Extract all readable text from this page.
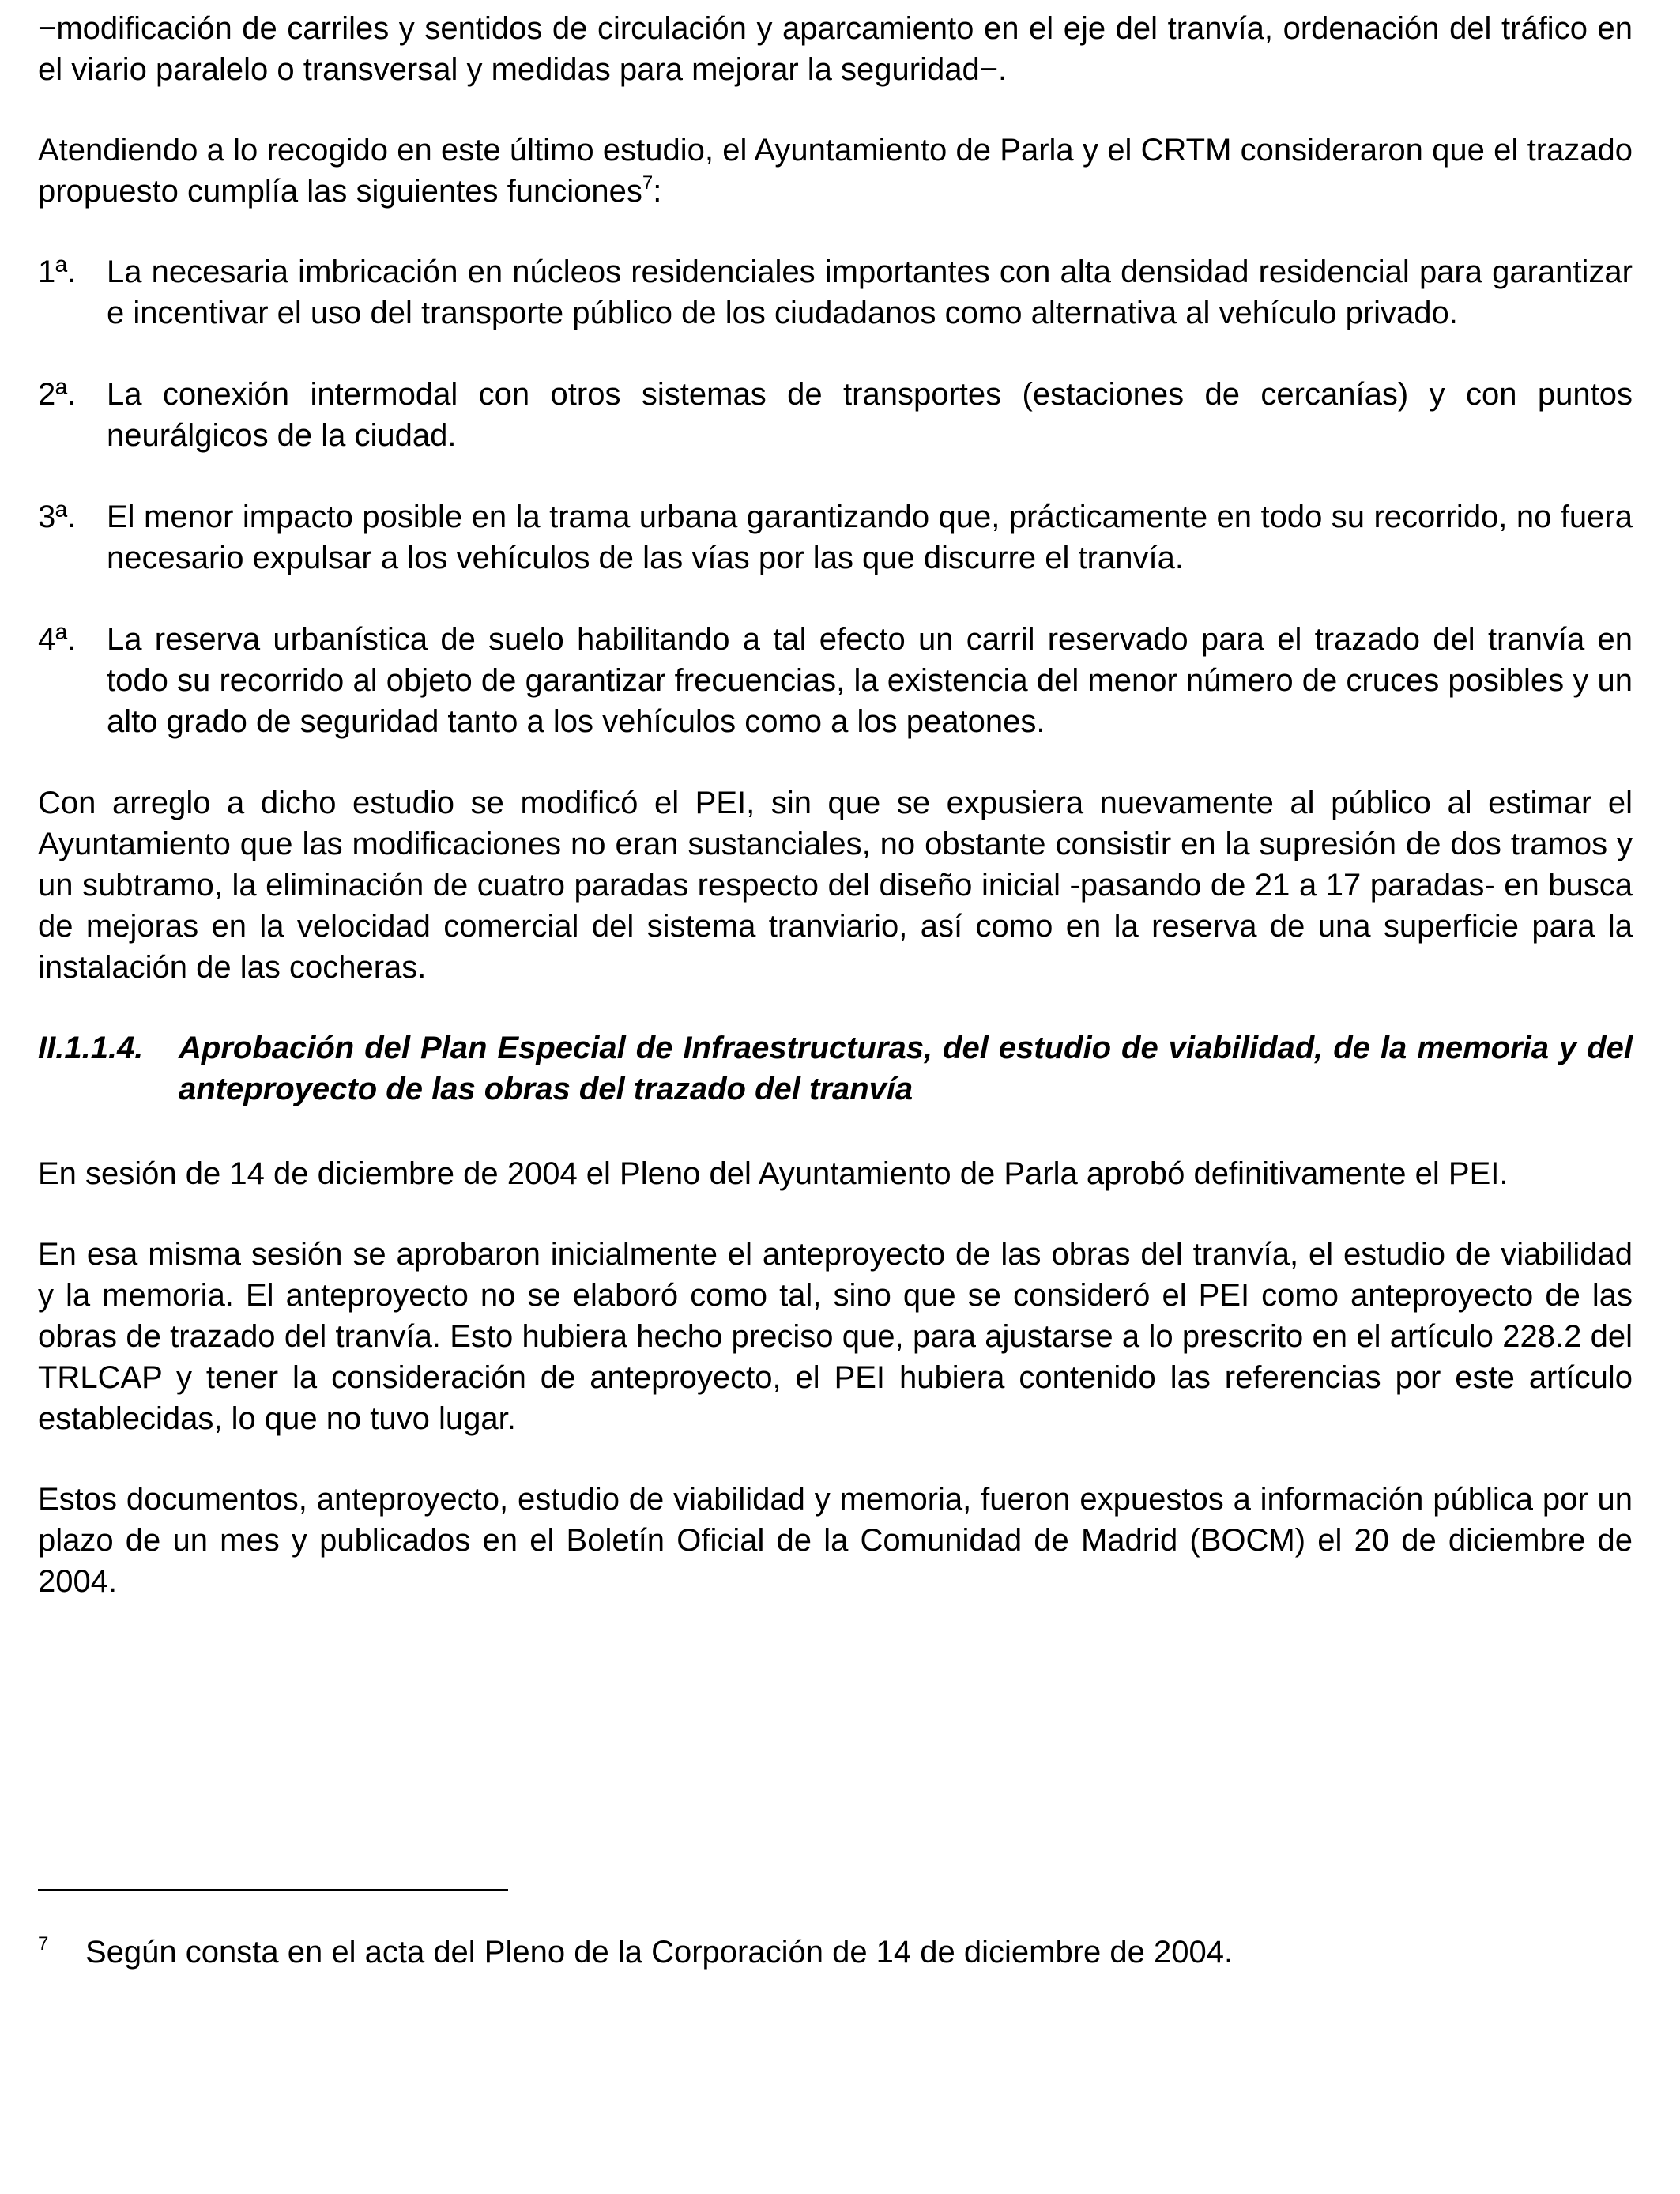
−modificación de carriles y sentidos de circulación y aparcamiento en el eje del tranvía, ordenación del tráfico en el viario paralelo o transversal y medidas para mejorar la seguridad−.

Atendiendo a lo recogido en este último estudio, el Ayuntamiento de Parla y el CRTM consideraron que el trazado propuesto cumplía las siguientes funciones$^7$:

1ª. La necesaria imbricación en núcleos residenciales importantes con alta densidad residencial para garantizar e incentivar el uso del transporte público de los ciudadanos como alternativa al vehículo privado.
2ª. La conexión intermodal con otros sistemas de transportes (estaciones de cercanías) y con puntos neurálgicos de la ciudad.
3ª. El menor impacto posible en la trama urbana garantizando que, prácticamente en todo su recorrido, no fuera necesario expulsar a los vehículos de las vías por las que discurre el tranvía.
4ª. La reserva urbanística de suelo habilitando a tal efecto un carril reservado para el trazado del tranvía en todo su recorrido al objeto de garantizar frecuencias, la existencia del menor número de cruces posibles y un alto grado de seguridad tanto a los vehículos como a los peatones.

Con arreglo a dicho estudio se modificó el PEI, sin que se expusiera nuevamente al público al estimar el Ayuntamiento que las modificaciones no eran sustanciales, no obstante consistir en la supresión de dos tramos y un subtramo, la eliminación de cuatro paradas respecto del diseño inicial -pasando de 21 a 17 paradas- en busca de mejoras en la velocidad comercial del sistema tranviario, así como en la reserva de una superficie para la instalación de las cocheras.

II.1.1.4. Aprobación del Plan Especial de Infraestructuras, del estudio de viabilidad, de la memoria y del anteproyecto de las obras del trazado del tranvía

En sesión de 14 de diciembre de 2004 el Pleno del Ayuntamiento de Parla aprobó definitivamente el PEI.

En esa misma sesión se aprobaron inicialmente el anteproyecto de las obras del tranvía, el estudio de viabilidad y la memoria. El anteproyecto no se elaboró como tal, sino que se consideró el PEI como anteproyecto de las obras de trazado del tranvía. Esto hubiera hecho preciso que, para ajustarse a lo prescrito en el artículo 228.2 del TRLCAP y tener la consideración de anteproyecto, el PEI hubiera contenido las referencias por este artículo establecidas, lo que no tuvo lugar.

Estos documentos, anteproyecto, estudio de viabilidad y memoria, fueron expuestos a información pública por un plazo de un mes y publicados en el Boletín Oficial de la Comunidad de Madrid (BOCM) el 20 de diciembre de 2004.

7 Según consta en el acta del Pleno de la Corporación de 14 de diciembre de 2004.
